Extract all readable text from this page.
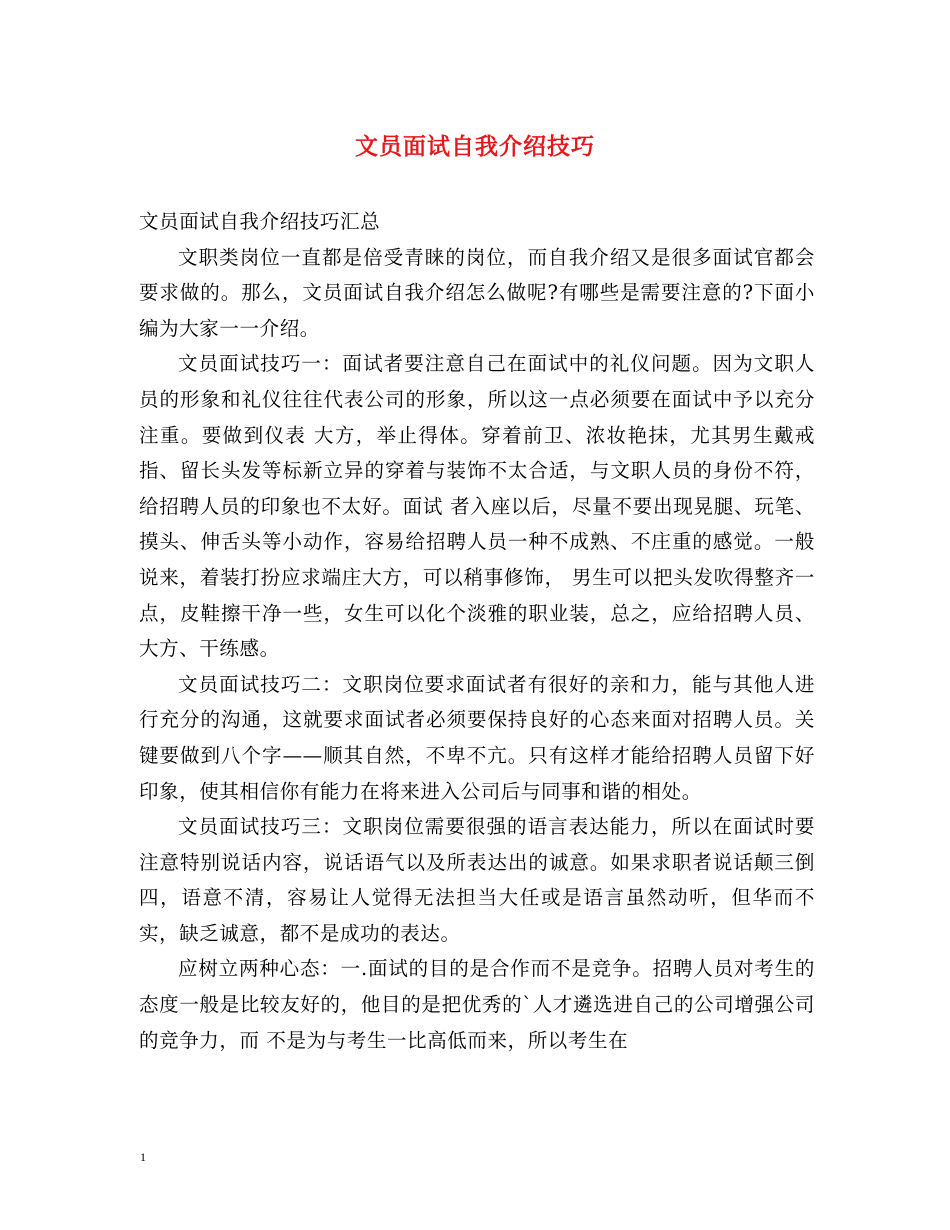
文员面试自我介绍技巧

文员面试自我介绍技巧汇总

文职类岗位一直都是倍受青睐的岗位，而自我介绍又是很多面试官都会要求做的。那么，文员面试自我介绍怎么做呢?有哪些是需要注意的?下面小编为大家一一介绍。

文员面试技巧一：面试者要注意自己在面试中的礼仪问题。因为文职人员的形象和礼仪往往代表公司的形象，所以这一点必须要在面试中予以充分注重。要做到仪表 大方，举止得体。穿着前卫、浓妆艳抹，尤其男生戴戒指、留长头发等标新立异的穿着与装饰不太合适，与文职人员的身份不符，给招聘人员的印象也不太好。面试 者入座以后，尽量不要出现晃腿、玩笔、摸头、伸舌头等小动作，容易给招聘人员一种不成熟、不庄重的感觉。一般说来，着装打扮应求端庄大方，可以稍事修饰， 男生可以把头发吹得整齐一点，皮鞋擦干净一些，女生可以化个淡雅的职业装，总之，应给招聘人员、大方、干练感。

文员面试技巧二：文职岗位要求面试者有很好的亲和力，能与其他人进行充分的沟通，这就要求面试者必须要保持良好的心态来面对招聘人员。关键要做到八个字——顺其自然，不卑不亢。只有这样才能给招聘人员留下好印象，使其相信你有能力在将来进入公司后与同事和谐的相处。

文员面试技巧三：文职岗位需要很强的语言表达能力，所以在面试时要注意特别说话内容，说话语气以及所表达出的诚意。如果求职者说话颠三倒四，语意不清，容易让人觉得无法担当大任或是语言虽然动听，但华而不实，缺乏诚意，都不是成功的表达。

应树立两种心态：一.面试的目的是合作而不是竞争。招聘人员对考生的态度一般是比较友好的，他目的是把优秀的`人才遴选进自己的公司增强公司的竞争力，而 不是为与考生一比高低而来，所以考生在

1
